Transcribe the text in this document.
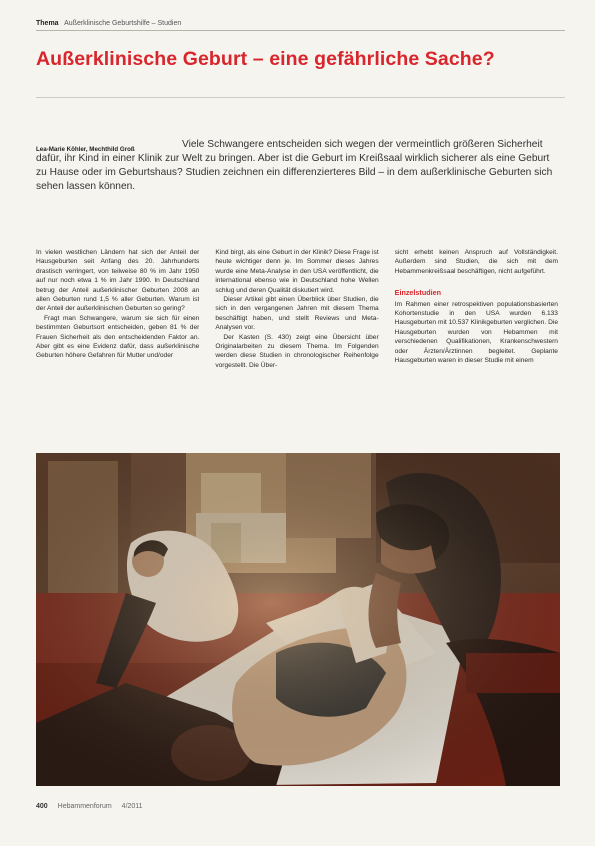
Thema Außerklinische Geburtshilfe – Studien
Außerklinische Geburt – eine gefährliche Sache?
Viele Schwangere entscheiden sich wegen der vermeintlich größeren Sicherheit dafür, ihr Kind in einer Klinik zur Welt zu bringen. Aber ist die Geburt im Kreißsaal wirklich sicherer als eine Geburt zu Hause oder im Geburtshaus? Studien zeichnen ein differenzierteres Bild – in dem außerklinische Geburten sich sehen lassen können.
Lea-Marie Köhler, Mechthild Groß

In vielen westlichen Ländern hat sich der Anteil der Hausgeburten seit Anfang des 20. Jahrhunderts drastisch verringert, von teilweise 80 % im Jahr 1950 auf nur noch etwa 1 % im Jahr 1990. In Deutschland betrug der Anteil außerklinischer Geburten 2008 an allen Geburten rund 1,5 % aller Geburten. Warum ist der Anteil der außerklinischen Geburten so gering?

Fragt man Schwangere, warum sie sich für einen bestimmten Geburtsort entscheiden, geben 81 % der Frauen Sicherheit als den entscheidenden Faktor an. Aber gibt es eine Evidenz dafür, dass außerklinische Geburten höhere Gefahren für Mutter und/oder

Kind birgt, als eine Geburt in der Klinik? Diese Frage ist heute wichtiger denn je. Im Sommer dieses Jahres wurde eine Meta-Analyse in den USA veröffentlicht, die international ebenso wie in Deutschland hohe Wellen schlug und deren Qualität diskutiert wird.

Dieser Artikel gibt einen Überblick über Studien, die sich in den vergangenen Jahren mit diesem Thema beschäftigt haben, und stellt Reviews und Meta-Analysen vor.

Der Kasten (S. 430) zeigt eine Übersicht über Originalarbeiten zu diesem Thema. Im Folgenden werden diese Studien in chronologischer Reihenfolge vorgestellt. Die Über-

sicht erhebt keinen Anspruch auf Vollständigkeit. Außerdem sind Studien, die sich mit dem Hebammenkreißsaal beschäftigen, nicht aufgeführt.

Einzelstudien

Im Rahmen einer retrospektiven populationsbasierten Kohortenstudie in den USA wurden 6.133 Hausgeburten mit 10.537 Klinikgeburten verglichen. Die Hausgeburten wurden von Hebammen mit verschiedenen Qualifikationen, Krankenschwestern oder Ärzten/Ärztinnen begleitet. Geplante Hausgeburten waren in dieser Studie mit einem

400 Hebammenforum 4/2011
